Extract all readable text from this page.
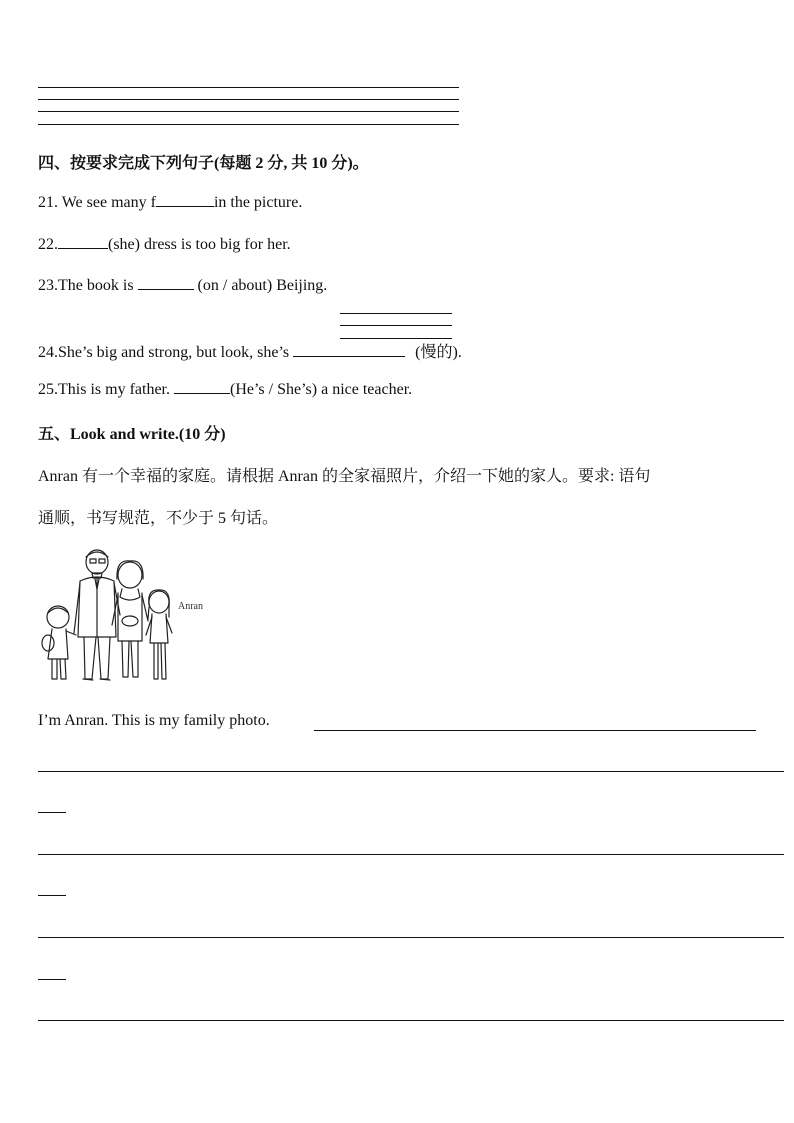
四、按要求完成下列句子(每题 2 分, 共 10 分)。
21. We see many f	in the picture.
22.	(she) dress is too big for her.
23.The book is	(on / about) Beijing.
24.She’s big and strong, but look, she’s	(慢的).
25.This is my father.	(He’s / She’s) a nice teacher.
五、Look and write.(10 分)
Anran 有一个幸福的家庭。请根据 Anran 的全家福照片，介绍一下她的家人。要求: 语句
通顺，书写规范，不少于 5 句话。
Anran
I’m Anran. This is my family photo.
